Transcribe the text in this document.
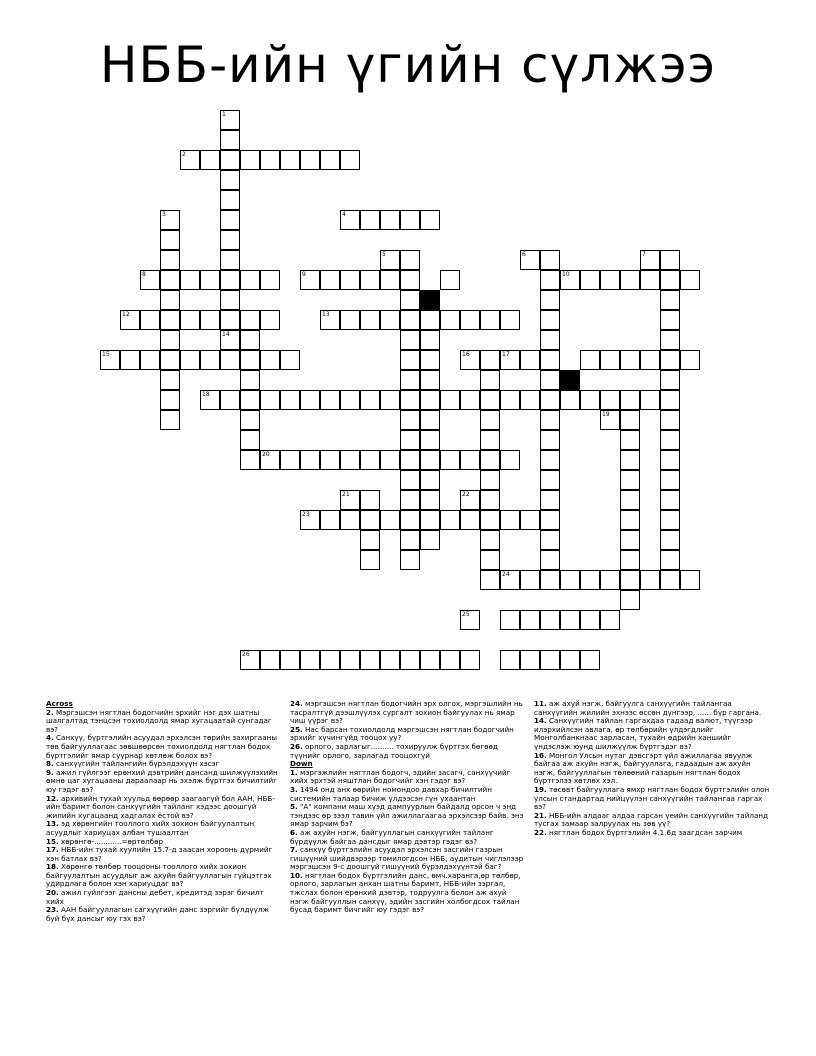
НББ-ийн үгийн сүлжээ
1
14
2
3	4
11
5	6	7
8	9	10
12	13
15	16	17
18
19
20
21	22
23
24
25
26
Across

2. Мэргэшсэн нягтлан бодогчийн эрхийг нэг дэх шатны шалгалтад тэнцсэн тохиолдолд ямар хугацаатай сунгадаг вэ?

4. Санхүү, бүртгэлийн асуудал эрхэлсэн төрийн захиргааны төв байгууллагаас зөвшөөрсөн тохиолдолд нягтлан бодох бүртгэлийг ямар суурнар хөтлөж болох вэ?

8. санхүүгийн тайлангийн бүрэлдэхүүн хэсэг

9. ажил гүйлгээг ерөнхий дэвтрийн дансанд шилжүүлэхийн өмнө цаг хугацааны дараалаар нь эхэлж бүртгэх бичилтийг юу гэдэг вэ?

12. архивийн тухай хуульд өөрөөр заагаагүй бол ААН, НББ-ийн баримт болон санхүүгийн тайланг хэдээс доошгүй жилийн хугацаанд хадгалах ёстой вэ?

13. эд хөрөнгийн тооллого хийх зохион байгуулалтын асуудлыг хариуцах албан тушаалтан

15. хөрөнгө-............=өртөлбөр

17. НББ-ийн тухай хуулийн 15.7-д заасан хороонь дүрмийг хэн батлах вэ?

18. Хөрөнгө төлбөр тооцооны тооллого хийх зохион байгуулалтын асуудлыг аж ахуйн байгууллагын гүйцэтгэх удирдлага болон хэн хариуцдаг вэ?

20. ажил гүйлгээг дансны дебет, кредитэд зэрэг бичилт хийх

23. ААН байгууллагын сагхүүгийн данс зэргийг бүлдүүлж буй бүх дансыг юу гэх вэ?

24. мэргэшсэн нягтлан бодогчийн эрх олгох, мэргэшлийн нь тасралтгүй дээшлүүлэх сургалт зохион байгуулах нь ямар чиш үүрэг вэ?

25. Нас барсан тохиолдолд мэргэшсэн нягтлан бодогчийн эрхийг хүчингүйд тооцох уу?

26. орлого, зарлагыг.......... тохируулж бүртгэх бөгөөд түүнийг орлого, зарлагад тооцохгүй

Down

1. мэргэжлийн нягтлан бодогч, эдийн засагч, санхүүчийг хийх эрхтэй няштлан бодогчийг хэн гэдэг вэ?

3. 1494 онд анх өөрийн номондоо давхар бичилтийн системийн талаар бичиж үлдээсэн гүн ухаантан

5. "А" компани маш хүэд дампуурлын байдалд орсон ч энд тэндээс өр зээл тавин үйл ажиллагаагаа эрхэлсээр байв. энэ ямар зарчим бэ?

6. аж ахуйн нэгж, байгууллагын санхүүгийн тайланг бүрдүүлж байгаа дансдыг ямар дэвтэр гэдэг вэ?

7. санхүү бүртгэлийн асуудал эрхэлсэн засгийн газрын гишүүний шийдвэрээр томилогдсон НББ, аудитын чиглэлээр мэргэшсэн 9-с доошгүй гишүүний бүрэлдэхүүнтэй баг?

10. нягтлан бодох бүртгэлийн данс, өмч.харанга,өр төлбөр, орлого, зарлагын анхан шатны баримт, НББ-ийн зэргал, тжслах болон ерөнхий дэвтэр, тодруулга болон аж ахуй нэгж байгууллын санхүү, эдийн засгийн холбогдсох тайлан бусад баримт бичгийг юу гэдэг вэ?

11. аж ахуй нэгж, байгуулга санхүүгийн тайлангаа санхүүгийн жилийн эхнээс өссөн дүнгээр, ...... бүр гаргана.

14. Санхүүгийн тайлан гаргахдаа гадаад валют, түүгээр илэрхийлсэн авлага, өр төлбөрийн үлдэгдлийг Монголбанкнаас зарласан, тухайн өдрийн ханшийг үндэслэж юунд шилжүүлж бүртгэдэг вэ?

16. Монгол Улсын нутаг дэвсгэрт үйл ажиллагаа явуулж байгаа аж ахуйн нэгж, байгууллага, гадаадын аж ахуйн нэгж, байгууллагын төлөөний газарын нягтлан бодох бүртгэлээ хөтлөх хэл.

19. төсөвт байгууллага ямхр нягтлан бодох бүртгэлийн олон улсын стандартад нийцүүлэн санхүүгийн тайлангаа гаргах вэ?

21. НББ-ийн алдааг алдаа гарсан үеийн санхүүгийн тайланд тусгах замаар залруулах нь зөв үү?

22. нягтлан бодох бүртгэлийн 4.1.6д заагдсан зарчим
